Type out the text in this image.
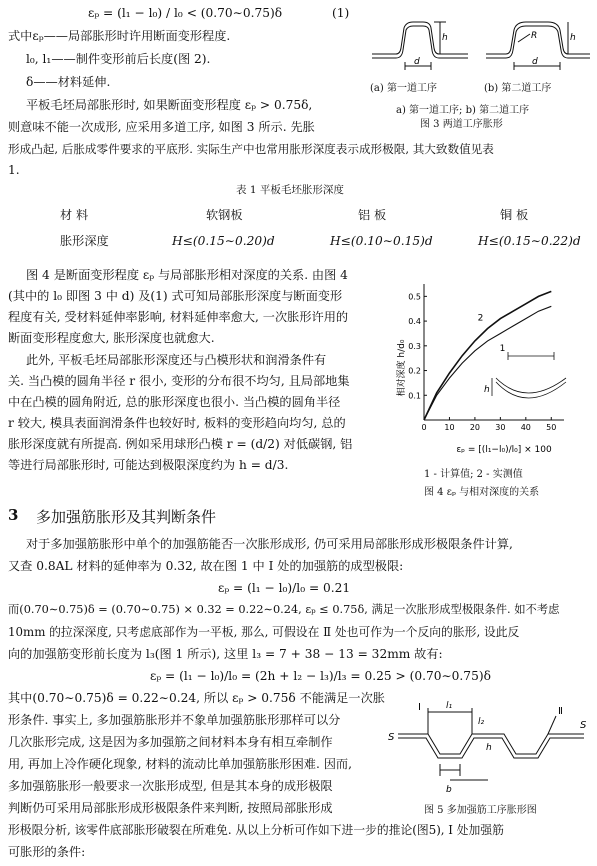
εₚ = (l₁ − l₀) / l₀ < (0.70∼0.75)δ	(1)
式中εₚ——局部胀形时许用断面变形程度.
l₀, l₁——制件变形前后长度(图 2).
δ——材料延伸.
平板毛坯局部胀形时, 如果断面变形程度 εₚ > 0.75δ,
则意味不能一次成形, 应采用多道工序, 如图 3 所示. 先胀
形成凸起, 后胀成零件要求的平底形. 实际生产中也常用胀形深度表示成形极限, 其大致数值见表
1.
d
h
d
h
R
(a) 第一道工序	(b) 第二道工序
a) 第一道工序; b) 第二道工序
图 3 两道工序胀形
表 1 平板毛坯胀形深度
材 料	软钢板	铝 板	铜 板
胀形深度	H≤(0.15∼0.20)d	H≤(0.10∼0.15)d	H≤(0.15∼0.22)d
图 4 是断面变形程度 εₚ 与局部胀形相对深度的关系. 由图 4
(其中的 l₀ 即图 3 中 d) 及(1) 式可知局部胀形深度与断面变形
程度有关, 受材料延伸率影响, 材料延伸率愈大, 一次胀形许用的
断面变形程度愈大, 胀形深度也就愈大.
此外, 平板毛坯局部胀形深度还与凸模形状和润滑条件有
关. 当凸模的圆角半径 r 很小, 变形的分布很不均匀, 且局部地集
中在凸模的圆角附近, 总的胀形深度也很小. 当凸模的圆角半径
r 较大, 模具表面润滑条件也较好时, 板料的变形趋向均匀, 总的
胀形深度就有所提高. 例如采用球形凸模 r = (d/2) 对低碳钢, 铝
等进行局部胀形时, 可能达到极限深度约为 h = d/3.
0 10 20 30 40 50
0.1
0.2
0.3
0.4
0.5
1
2
相对深度 h/d₀
εₚ = [(l₁−l₀)/l₀] × 100
h
1 - 计算值; 2 - 实测值
图 4 εₚ 与相对深度的关系
3 多加强筋胀形及其判断条件
对于多加强筋胀形中单个的加强筋能否一次胀形成形, 仍可采用局部胀形成形极限条件计算,
又查 0.8AL 材料的延伸率为 0.32, 故在图 1 中 Ⅰ 处的加强筋的成型极限:
εₚ = (l₁ − l₀)/l₀ = 0.21
而(0.70∼0.75)δ = (0.70∼0.75) × 0.32 = 0.22∼0.24, εₚ ≤ 0.75δ, 满足一次胀形成型极限条件. 如不考虑
10mm 的拉深深度, 只考虑底部作为一平板, 那么, 可假设在 Ⅱ 处也可作为一个反向的胀形, 设此反
向的加强筋变形前长度为 l₃(图 1 所示), 这里 l₃ = 7 + 38 − 13 = 32mm 故有:
εₚ = (l₁ − l₀)/l₀ = (2h + l₂ − l₃)/l₃ = 0.25 > (0.70∼0.75)δ
其中(0.70∼0.75)δ = 0.22∼0.24, 所以 εₚ > 0.75δ 不能满足一次胀
形条件. 事实上, 多加强筋胀形并不象单加强筋胀形那样可以分
几次胀形完成, 这是因为多加强筋之间材料本身有相互牵制作
用, 再加上冷作硬化现象, 材料的流动比单加强筋胀形困难. 因而,
多加强筋胀形一般要求一次胀形成型, 但是其本身的成形极限
判断仍可采用局部胀形成形极限条件来判断, 按照局部胀形成
形极限分析, 该零件底部胀形破裂在所难免. 从以上分析可作如下进一步的推论(图5), Ⅰ 处加强筋
可胀形的条件:
Ⅰ	Ⅱ
S
S
l₁
l₂
h
b
图 5 多加强筋工序胀形图
